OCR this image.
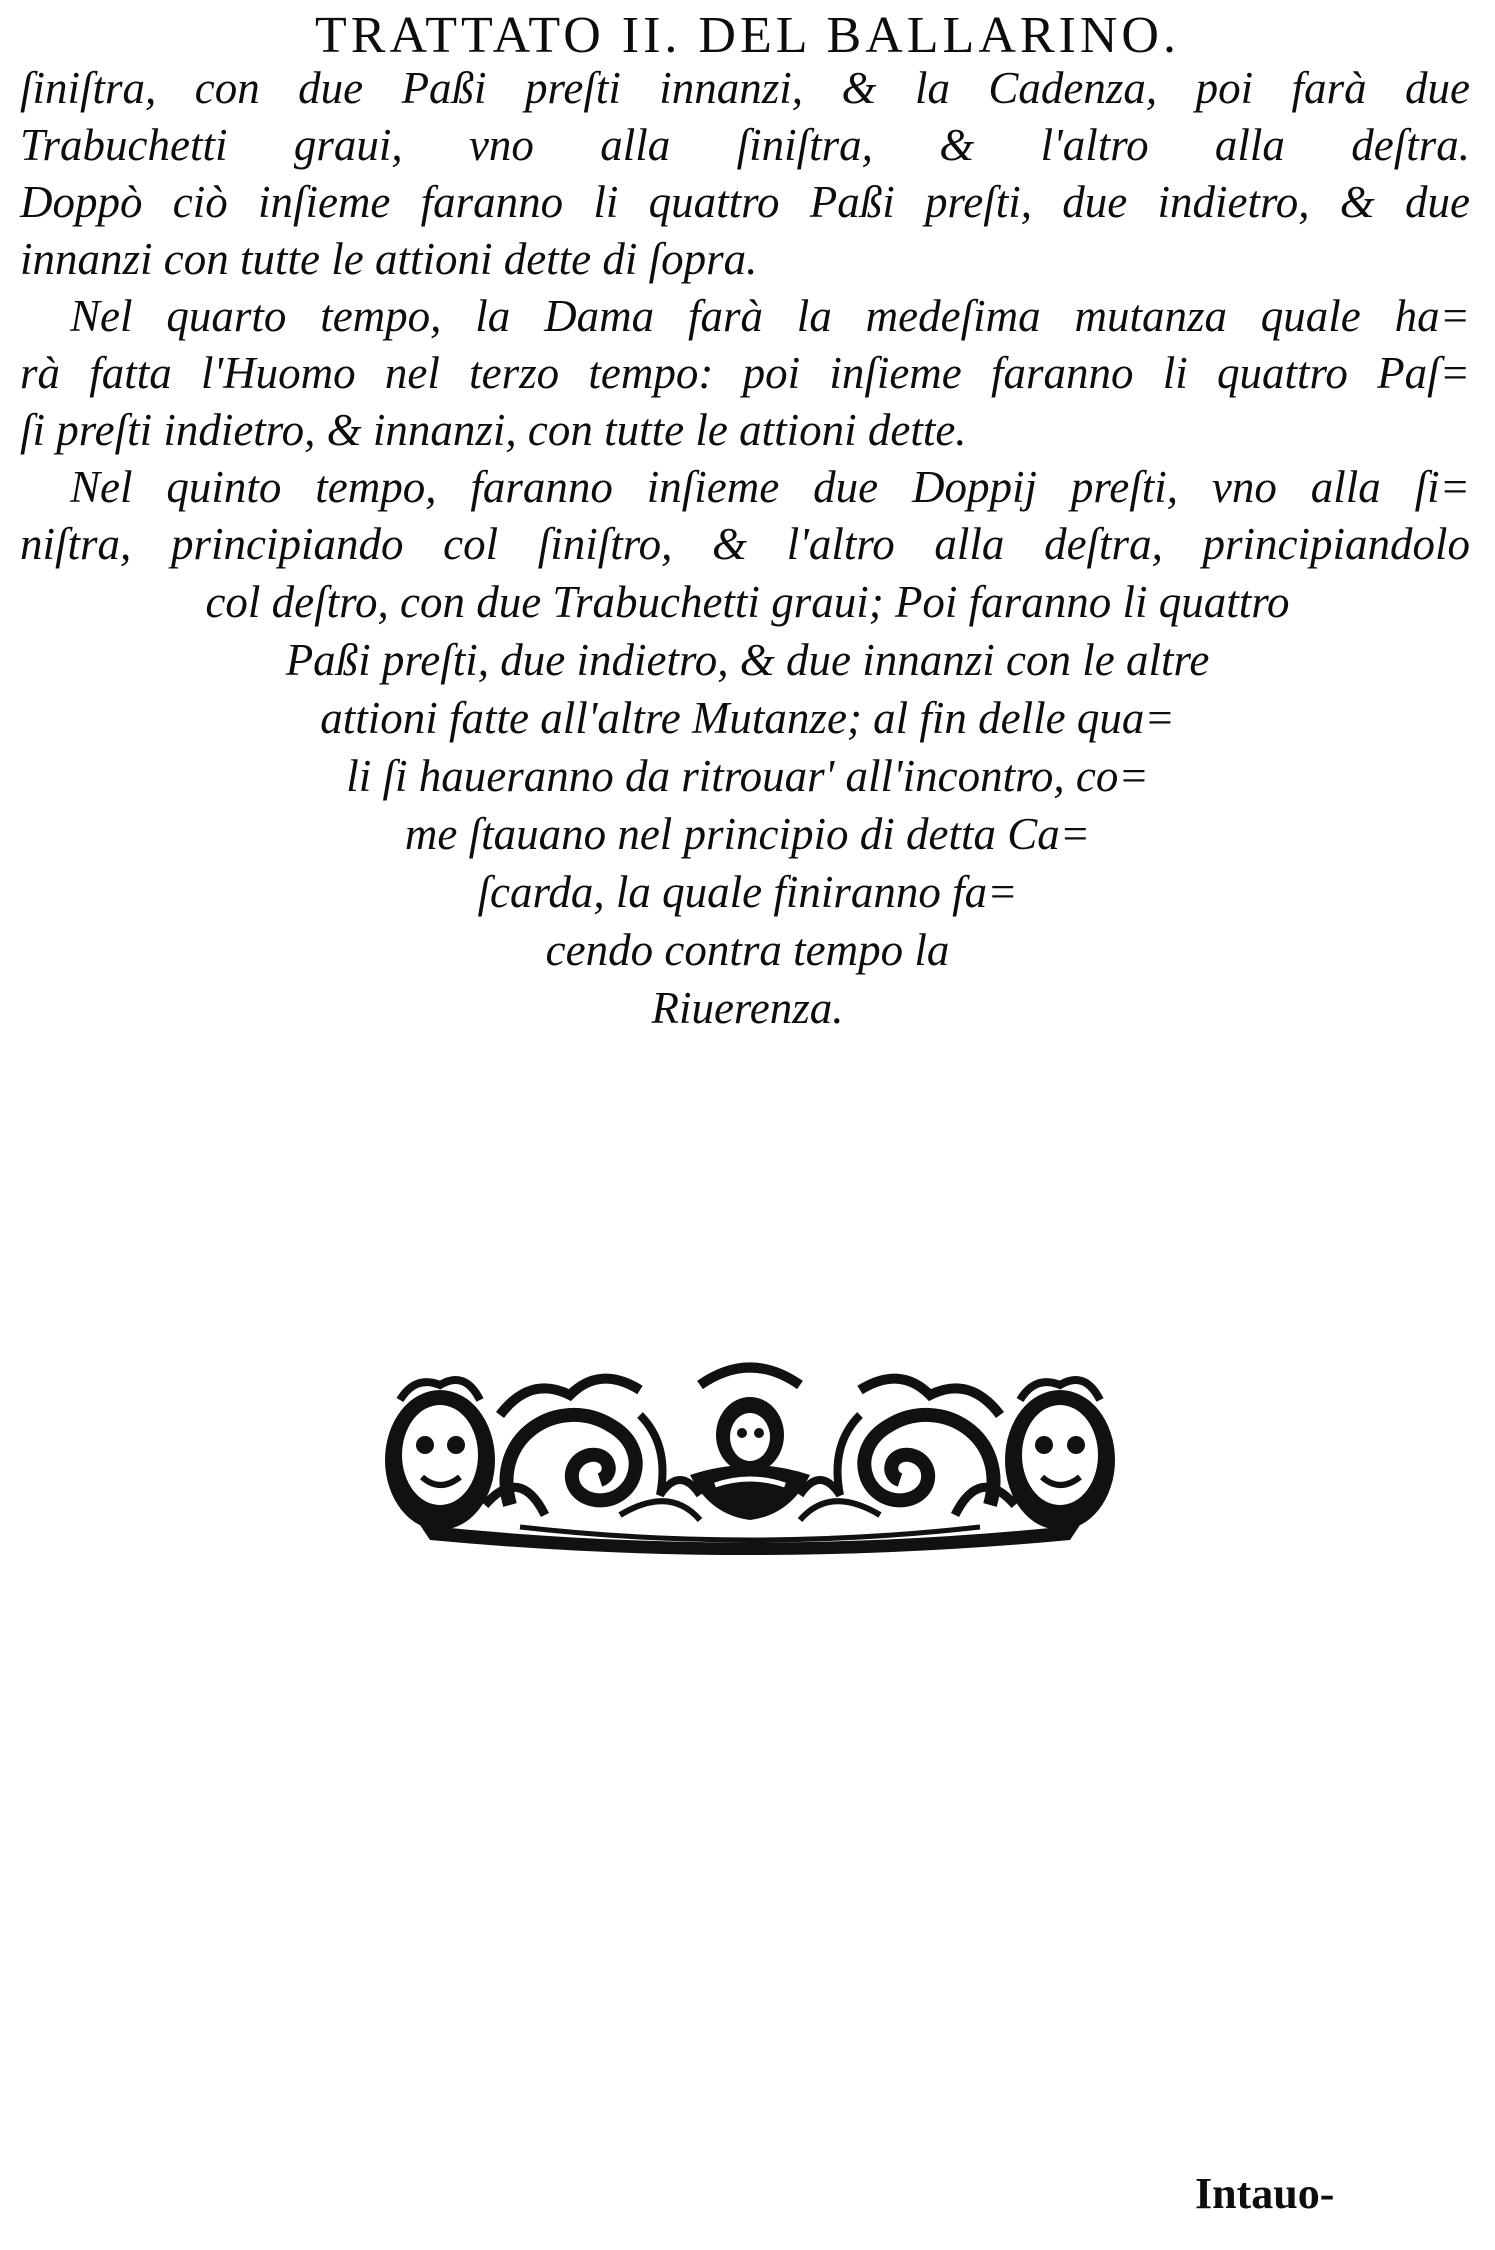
TRATTATO II. DEL BALLARINO.
ſiniſtra, con due Paßi preſti innanzi, & la Cadenza, poi farà due
Trabuchetti graui, vno alla ſiniſtra, & l'altro alla deſtra.
Doppò ciò inſieme faranno li quattro Paßi preſti, due indietro, & due
innanzi con tutte le attioni dette di ſopra.
Nel quarto tempo, la Dama farà la medeſima mutanza quale ha=
rà fatta l'Huomo nel terzo tempo: poi inſieme faranno li quattro Paſ=
ſi preſti indietro, & innanzi, con tutte le attioni dette.
Nel quinto tempo, faranno inſieme due Doppij preſti, vno alla ſi=
niſtra, principiando col ſiniſtro, & l'altro alla deſtra, principiandolo
col deſtro, con due Trabuchetti graui; Poi faranno li quattro
Paßi preſti, due indietro, & due innanzi con le altre
attioni fatte all'altre Mutanze; al fin delle qua=
li ſi haueranno da ritrouar' all'incontro, co=
me ſtauano nel principio di detta Ca=
ſcarda, la quale finiranno fa=
cendo contra tempo la
Riuerenza.
Intauo-
